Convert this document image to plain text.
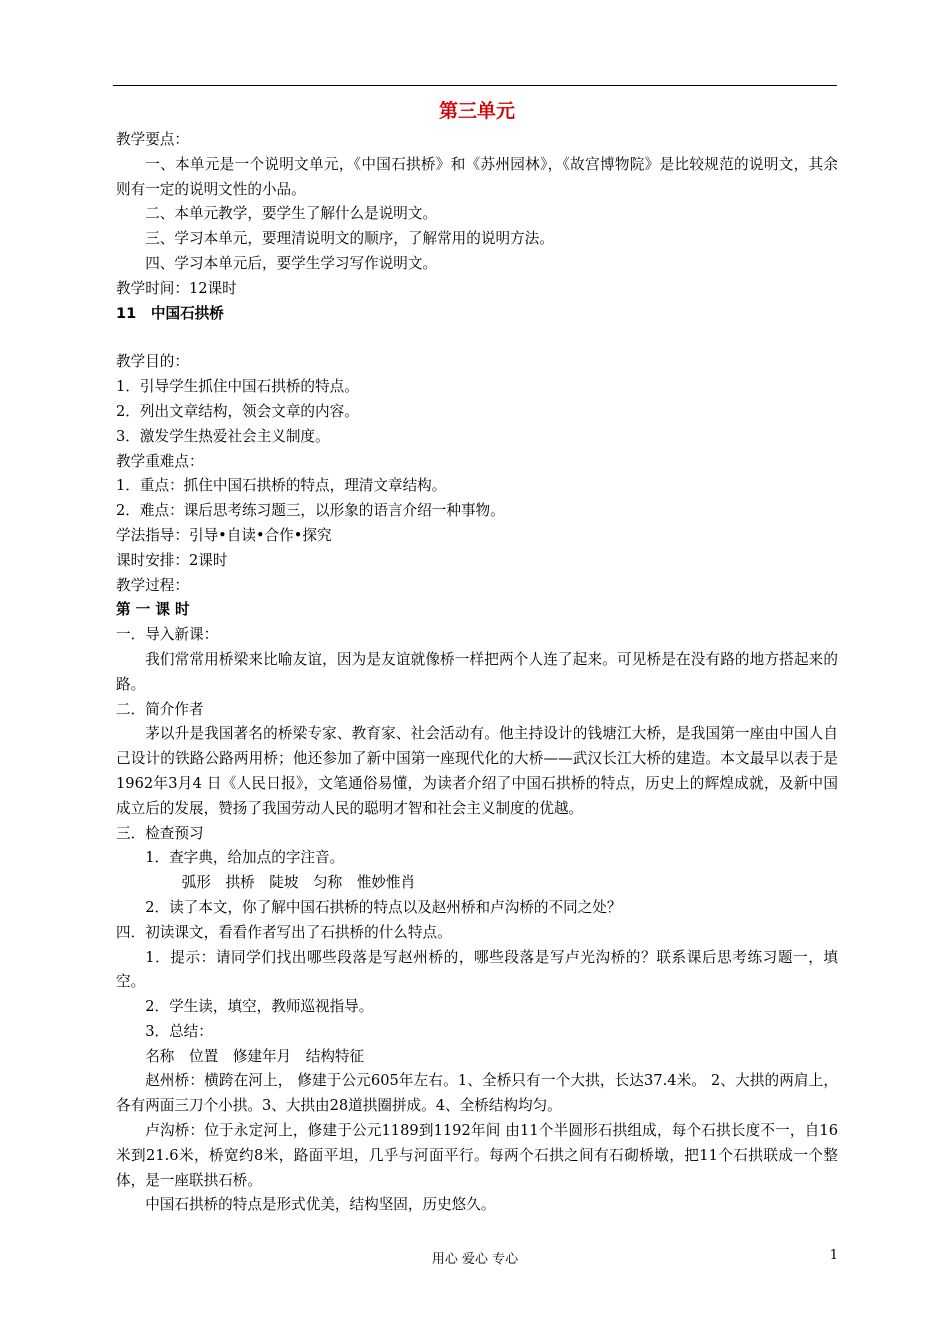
第三单元

教学要点：

一、本单元是一个说明文单元，《中国石拱桥》和《苏州园林》，《故宫博物院》是比较规范的说明文，其余则有一定的说明文性的小品。

二、本单元教学，要学生了解什么是说明文。

三、学习本单元，要理清说明文的顺序，了解常用的说明方法。

四、学习本单元后，要学生学习写作说明文。

教学时间：12课时

11　中国石拱桥

教学目的：

1．引导学生抓住中国石拱桥的特点。

2．列出文章结构，领会文章的内容。

3．激发学生热爱社会主义制度。

教学重难点：

1．重点：抓住中国石拱桥的特点，理清文章结构。

2．难点：课后思考练习题三，以形象的语言介绍一种事物。

学法指导：引导•自读•合作•探究

课时安排：2课时

教学过程：

第 一 课 时

一．导入新课：

我们常常用桥梁来比喻友谊，因为是友谊就像桥一样把两个人连了起来。可见桥是在没有路的地方搭起来的路。

二．简介作者

茅以升是我国著名的桥梁专家、教育家、社会活动有。他主持设计的钱塘江大桥，是我国第一座由中国人自己设计的铁路公路两用桥；他还参加了新中国第一座现代化的大桥——武汉长江大桥的建造。本文最早以表于是1962年3月4 日《人民日报》，文笔通俗易懂，为读者介绍了中国石拱桥的特点，历史上的辉煌成就，及新中国成立后的发展，赞扬了我国劳动人民的聪明才智和社会主义制度的优越。

三．检查预习

1．查字典，给加点的字注音。

弧形　拱桥　陡坡　匀称　惟妙惟肖

2．读了本文，你了解中国石拱桥的特点以及赵州桥和卢沟桥的不同之处？

四．初读课文，看看作者写出了石拱桥的什么特点。

1．提示：请同学们找出哪些段落是写赵州桥的，哪些段落是写卢光沟桥的？联系课后思考练习题一，填空。

2．学生读，填空，教师巡视指导。

3．总结：

名称　位置　修建年月　结构特征

赵州桥：横跨在河上， 修建于公元605年左右。1、全桥只有一个大拱，长达37.4米。 2、大拱的两肩上，各有两面三刀个小拱。3、大拱由28道拱圈拼成。4、全桥结构均匀。

卢沟桥：位于永定河上，修建于公元1189到1192年间 由11个半圆形石拱组成，每个石拱长度不一，自16米到21.6米，桥宽约8米，路面平坦，几乎与河面平行。每两个石拱之间有石砌桥墩，把11个石拱联成一个整体，是一座联拱石桥。

中国石拱桥的特点是形式优美，结构坚固，历史悠久。

用心 爱心 专心	1
